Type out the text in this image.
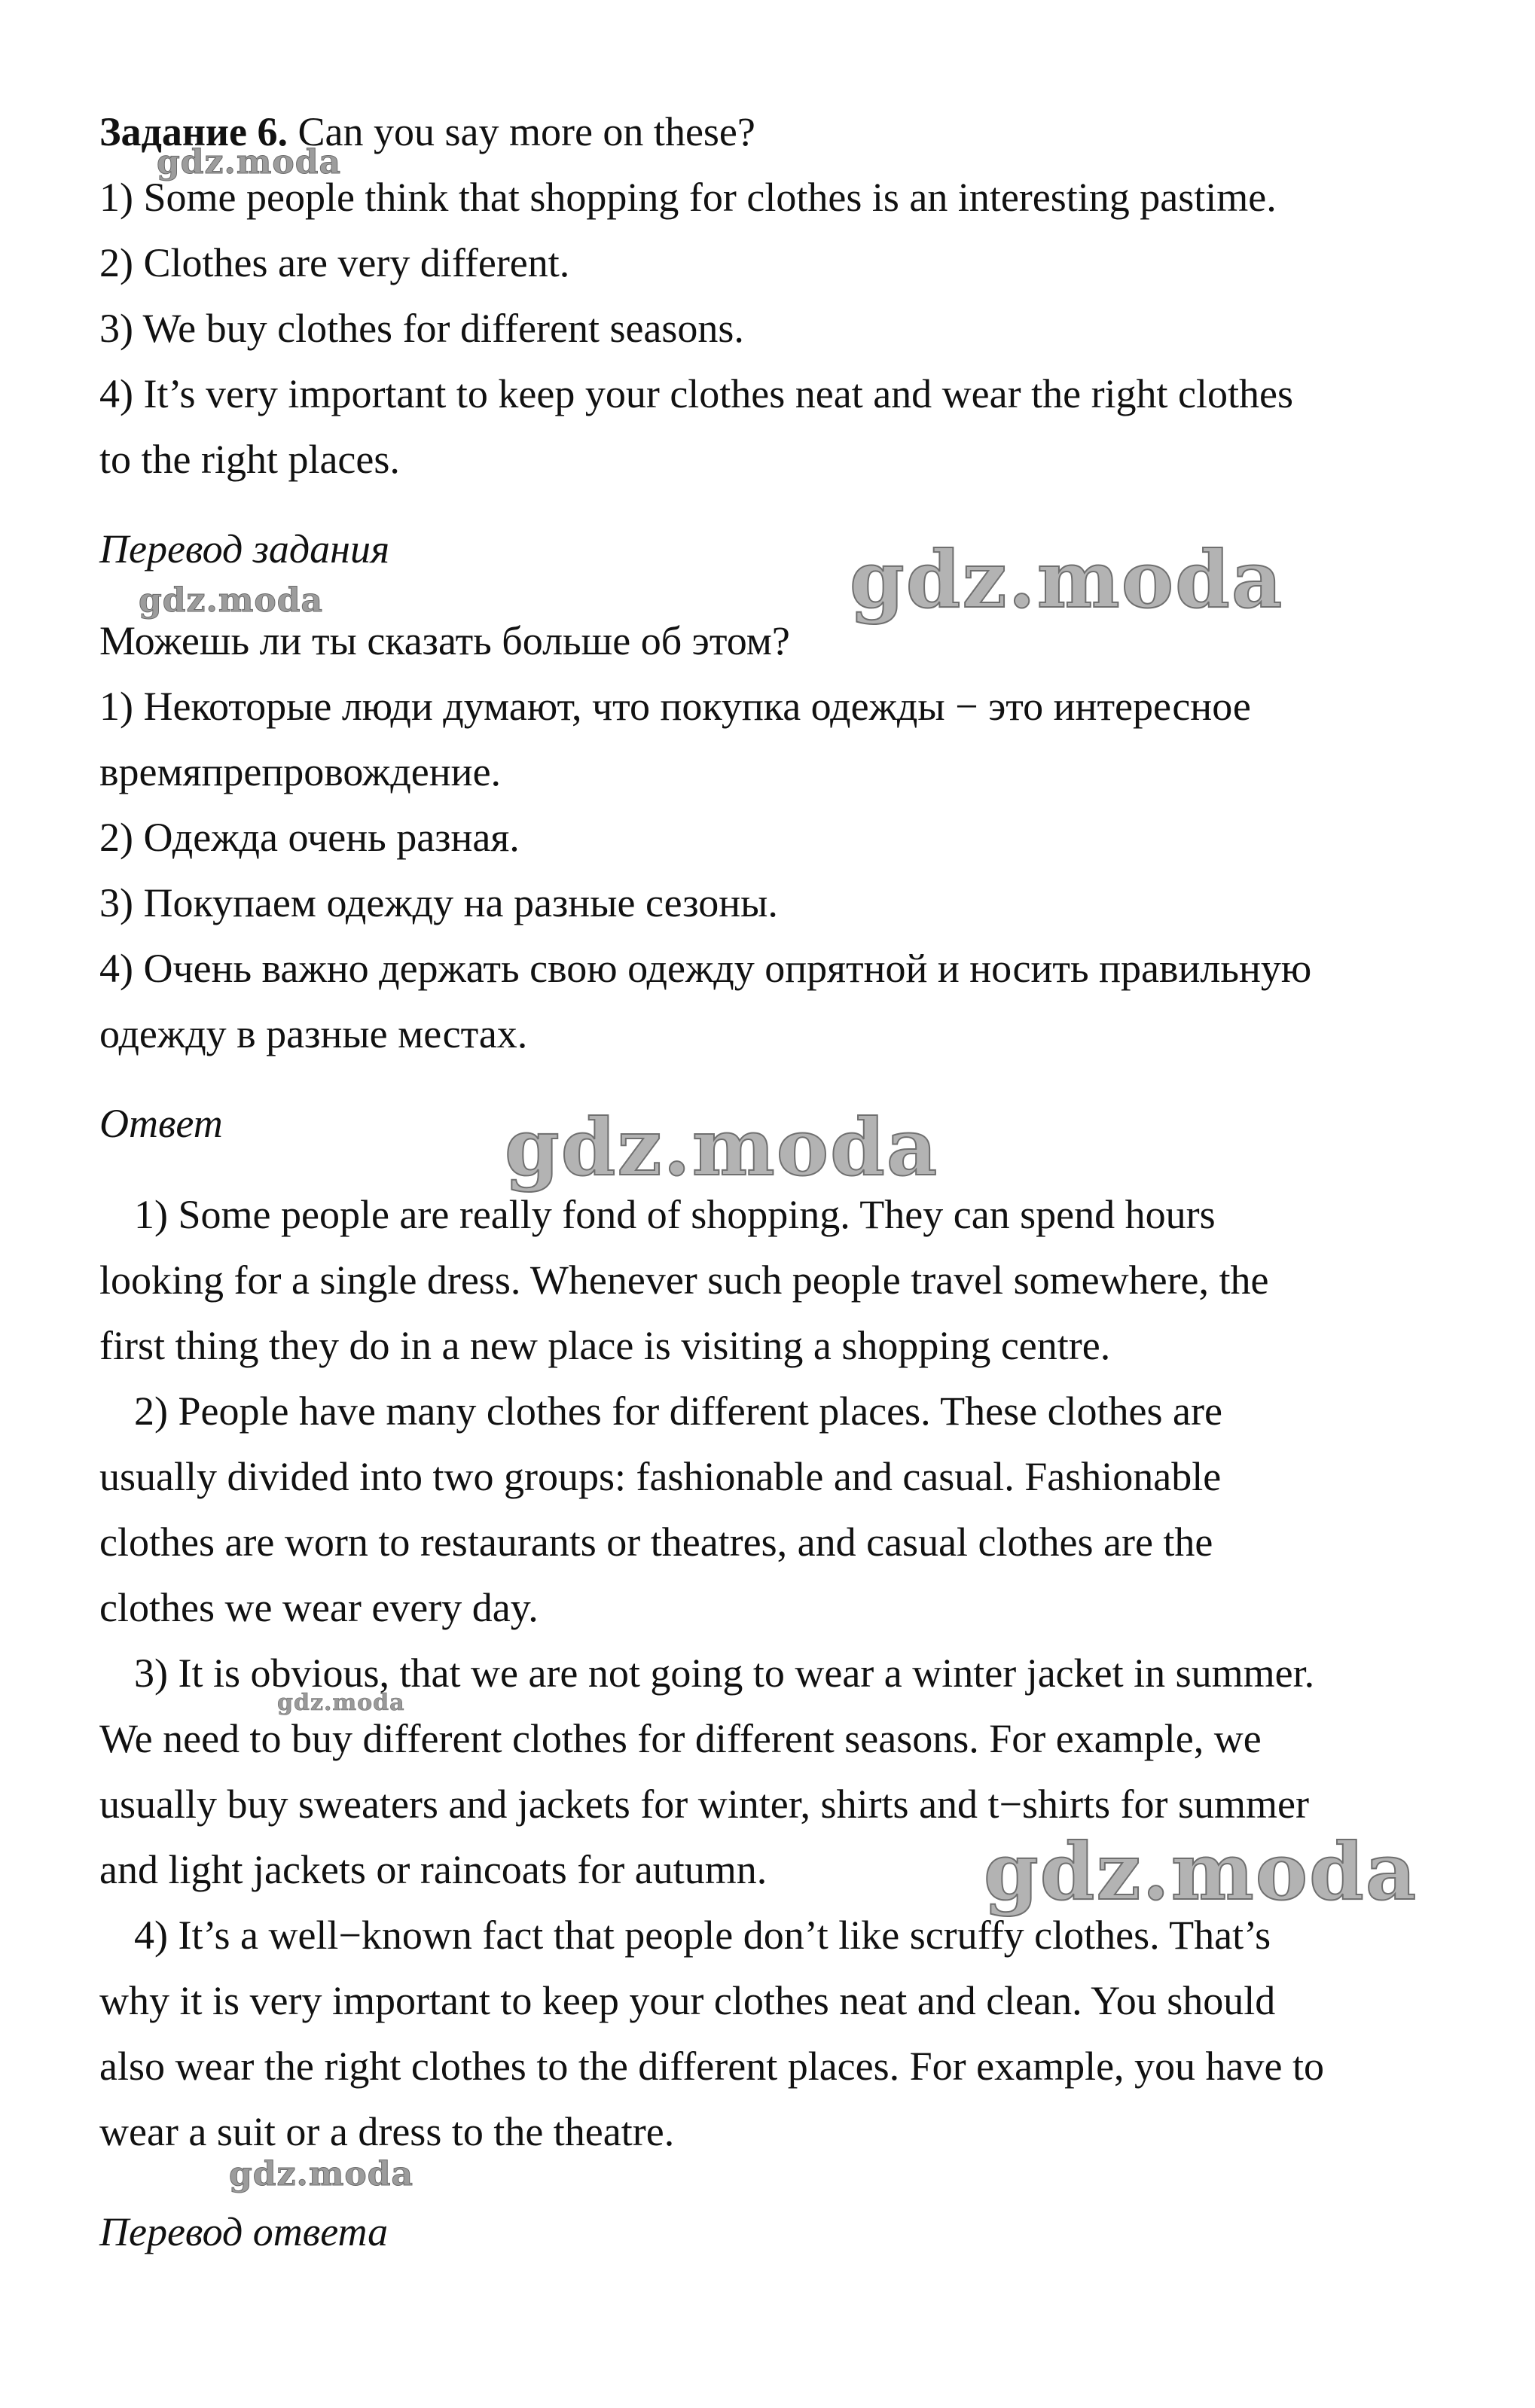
Задание 6. Can you say more on these?
1) Some people think that shopping for clothes is an interesting pastime.
2) Clothes are very different.
3) We buy clothes for different seasons.
4) It’s very important to keep your clothes neat and wear the right clothes
to the right places.
Перевод задания
Можешь ли ты сказать больше об этом?
1) Некоторые люди думают, что покупка одежды − это интересное
времяпрепровождение.
2) Одежда очень разная.
3) Покупаем одежду на разные сезоны.
4) Очень важно держать свою одежду опрятной и носить правильную
одежду в разные местах.
Ответ
1) Some people are really fond of shopping. They can spend hours
looking for a single dress. Whenever such people travel somewhere, the
first thing they do in a new place is visiting a shopping centre.
2) People have many clothes for different places. These clothes are
usually divided into two groups: fashionable and casual. Fashionable
clothes are worn to restaurants or theatres, and casual clothes are the
clothes we wear every day.
3) It is obvious, that we are not going to wear a winter jacket in summer.
We need to buy different clothes for different seasons. For example, we
usually buy sweaters and jackets for winter, shirts and t−shirts for summer
and light jackets or raincoats for autumn.
4) It’s a well−known fact that people don’t like scruffy clothes. That’s
why it is very important to keep your clothes neat and clean. You should
also wear the right clothes to the different places. For example, you have to
wear a suit or a dress to the theatre.
Перевод ответа
gdz.moda
gdz.moda	gdz.moda
gdz.moda
gdz.moda
gdz.moda
gdz.moda
